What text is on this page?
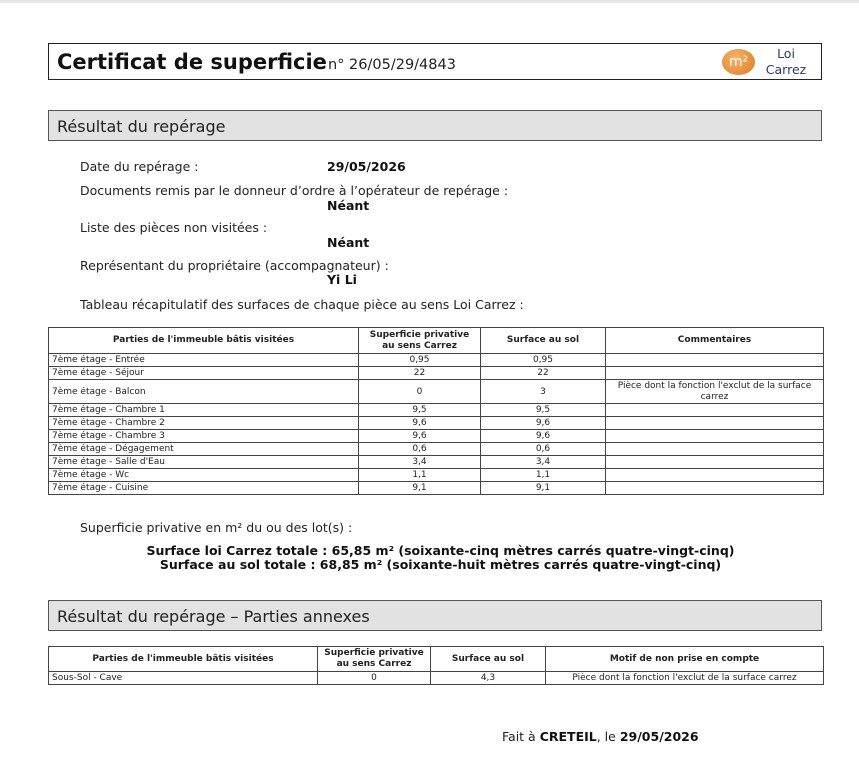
Certificat de superficie n° 26/05/29/4843	m²
Loi
Carrez
Résultat du repérage
Date du repérage :	29/05/2026
Documents remis par le donneur d’ordre à l’opérateur de repérage :
Néant
Liste des pièces non visitées :
Néant
Représentant du propriétaire (accompagnateur) :
Yi Li
Tableau récapitulatif des surfaces de chaque pièce au sens Loi Carrez :
Parties de l'immeuble bâtis visitées	Superficie privative au sens Carrez	Surface au sol	Commentaires
7ème étage - Entrée	0,95	0,95	
7ème étage - Séjour	22	22	
7ème étage - Balcon	0	3	Pièce dont la fonction l'exclut de la surface carrez
7ème étage - Chambre 1	9,5	9,5	
7ème étage - Chambre 2	9,6	9,6	
7ème étage - Chambre 3	9,6	9,6	
7ème étage - Dégagement	0,6	0,6	
7ème étage - Salle d'Eau	3,4	3,4	
7ème étage - Wc	1,1	1,1	
7ème étage - Cuisine	9,1	9,1	
Superficie privative en m² du ou des lot(s) :
Surface loi Carrez totale : 65,85 m² (soixante-cinq mètres carrés quatre-vingt-cinq)
Surface au sol totale : 68,85 m² (soixante-huit mètres carrés quatre-vingt-cinq)
Résultat du repérage – Parties annexes
Parties de l'immeuble bâtis visitées	Superficie privative au sens Carrez	Surface au sol	Motif de non prise en compte
Sous-Sol - Cave	0	4,3	Pièce dont la fonction l'exclut de la surface carrez
Fait à CRETEIL, le 29/05/2026
